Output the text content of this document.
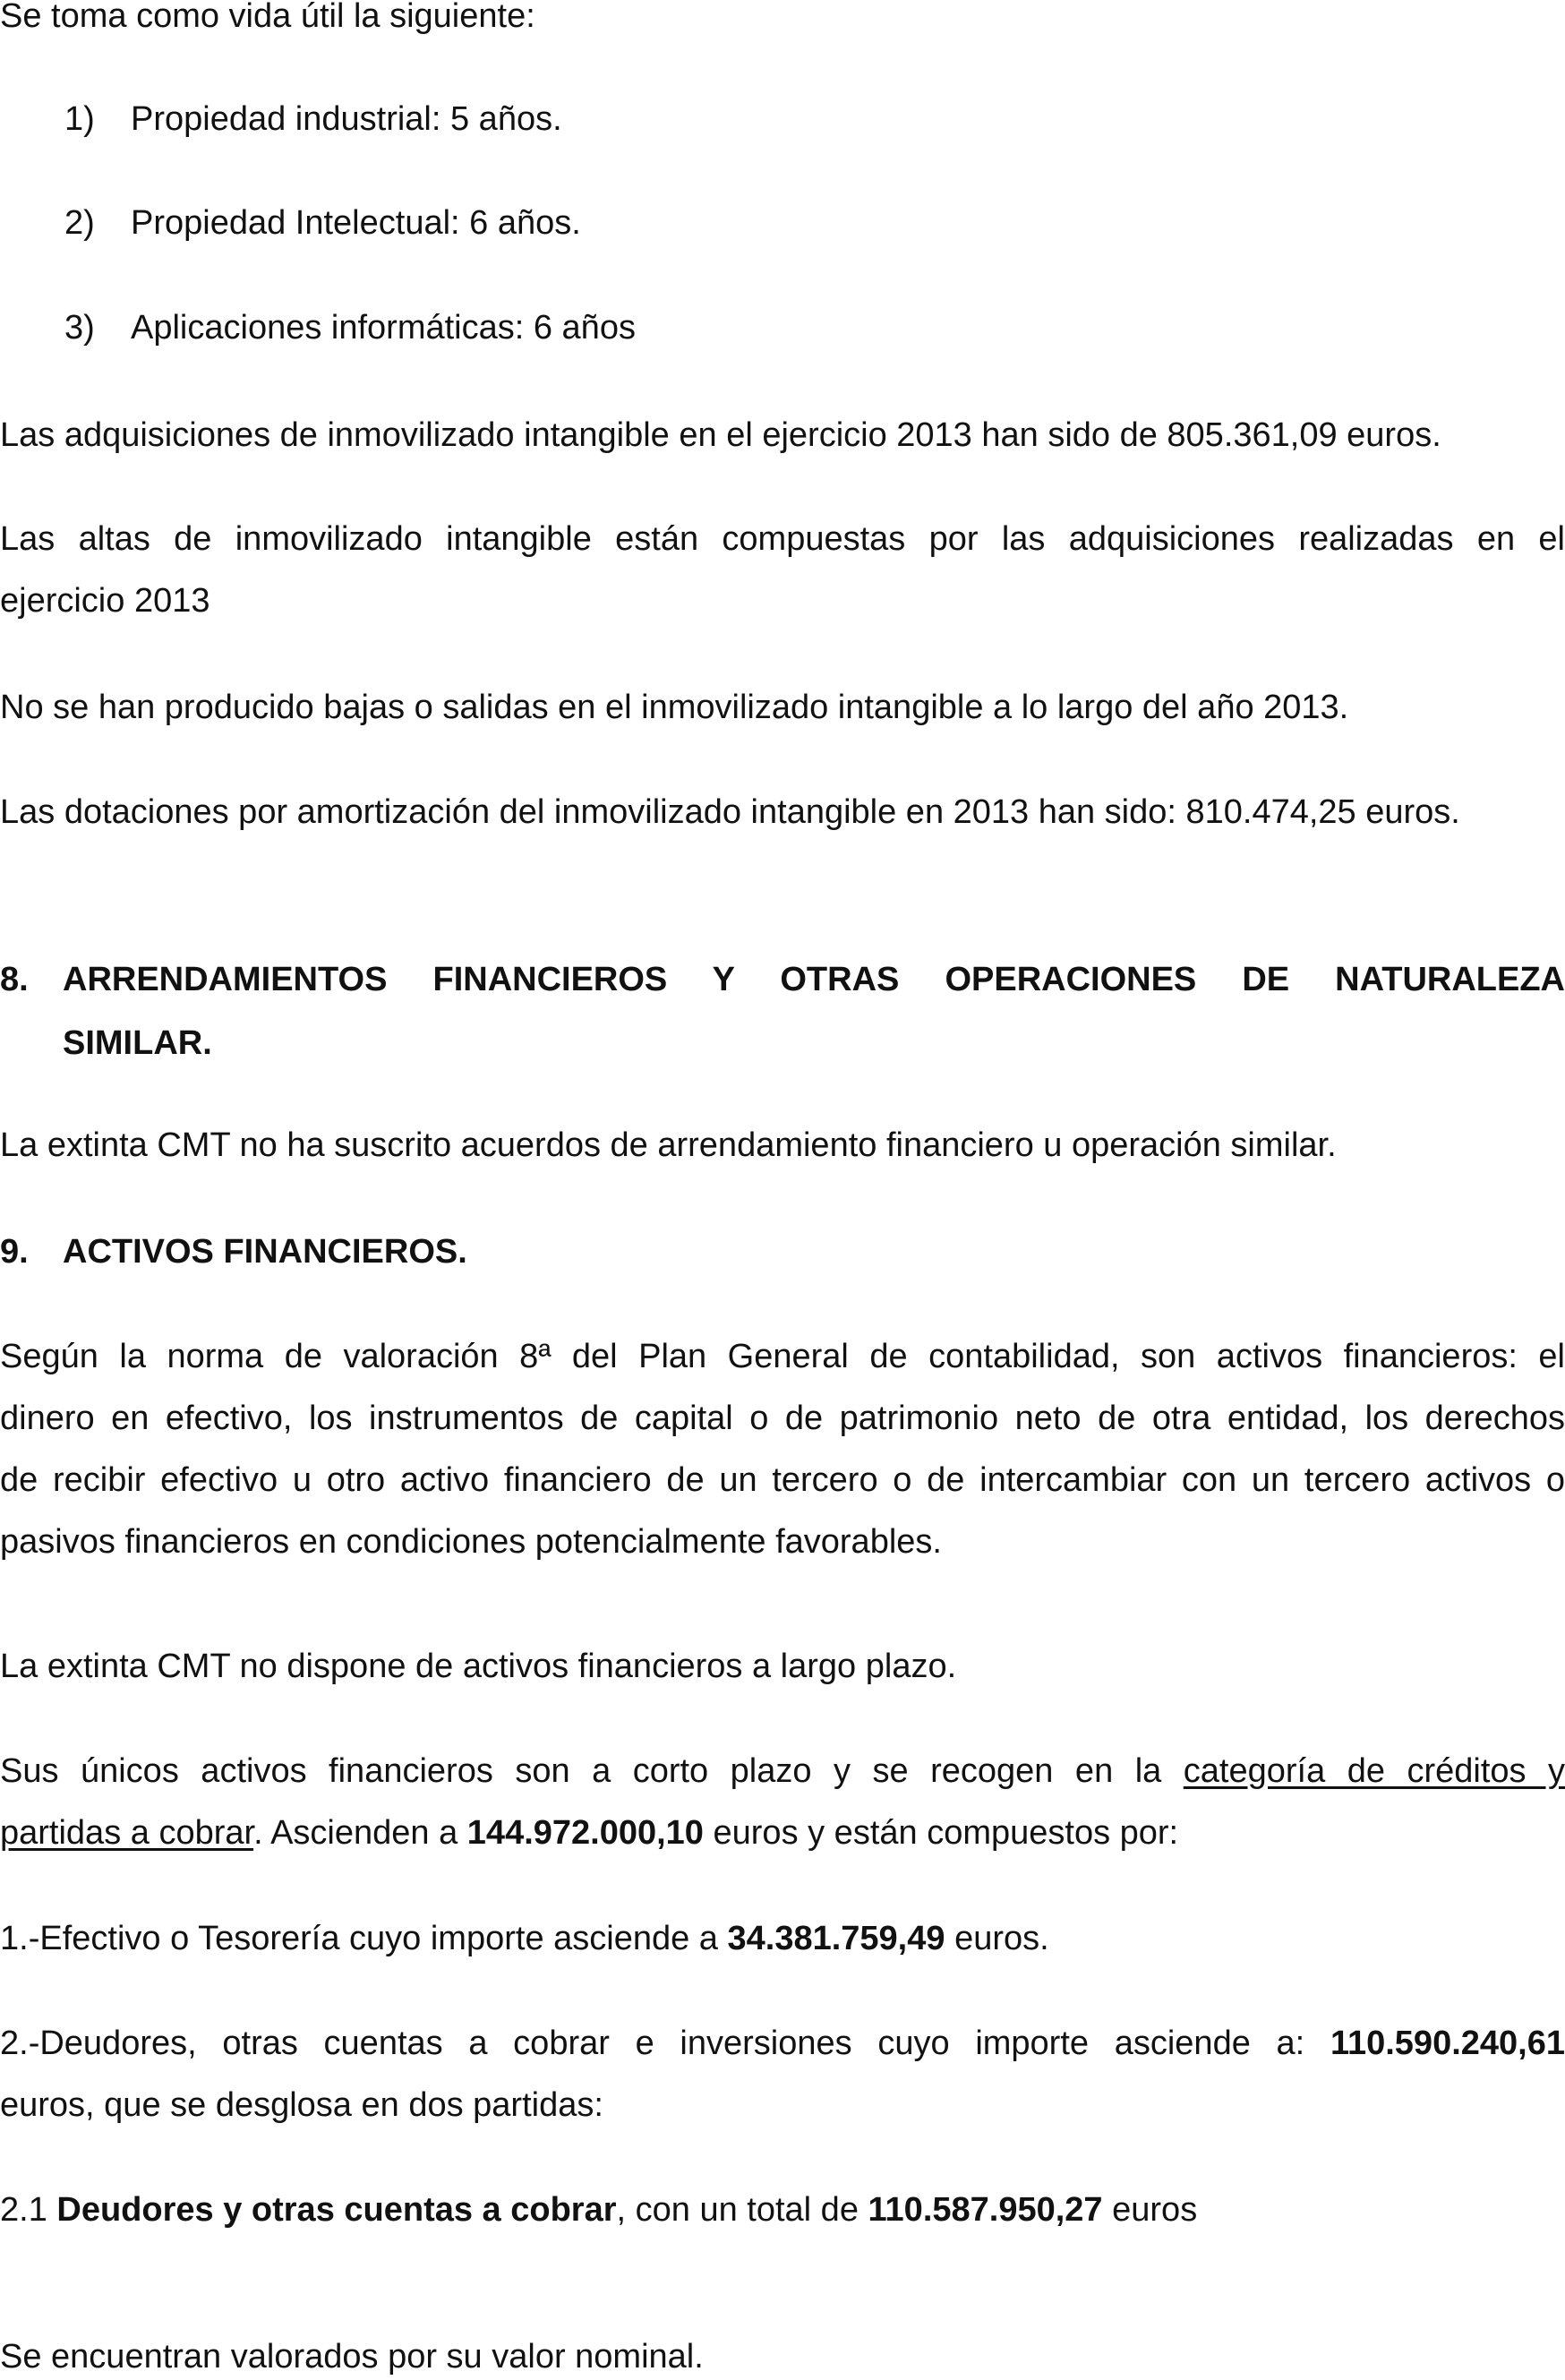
Se toma como vida útil la siguiente:

1) Propiedad industrial: 5 años.

2) Propiedad Intelectual: 6 años.

3) Aplicaciones informáticas: 6 años

Las adquisiciones de inmovilizado intangible en el ejercicio 2013 han sido de 805.361,09 euros.

Las altas de inmovilizado intangible están compuestas por las adquisiciones realizadas en el

ejercicio 2013

No se han producido bajas o salidas en el inmovilizado intangible a lo largo del año 2013.

Las dotaciones por amortización del inmovilizado intangible en 2013 han sido: 810.474,25 euros.

8. ARRENDAMIENTOS FINANCIEROS Y OTRAS OPERACIONES DE NATURALEZA

SIMILAR.

La extinta CMT no ha suscrito acuerdos de arrendamiento financiero u operación similar.

9. ACTIVOS FINANCIEROS.

Según la norma de valoración 8ª del Plan General de contabilidad, son activos financieros: el

dinero en efectivo, los instrumentos de capital o de patrimonio neto de otra entidad, los derechos

de recibir efectivo u otro activo financiero de un tercero o de intercambiar con un tercero activos o

pasivos financieros en condiciones potencialmente favorables.

La extinta CMT no dispone de activos financieros a largo plazo.

Sus únicos activos financieros son a corto plazo y se recogen en la categoría de créditos y

partidas a cobrar. Ascienden a 144.972.000,10 euros y están compuestos por:

1.-Efectivo o Tesorería cuyo importe asciende a 34.381.759,49 euros.

2.-Deudores, otras cuentas a cobrar e inversiones cuyo importe asciende a: 110.590.240,61

euros, que se desglosa en dos partidas:

2.1 Deudores y otras cuentas a cobrar, con un total de 110.587.950,27 euros

Se encuentran valorados por su valor nominal.
